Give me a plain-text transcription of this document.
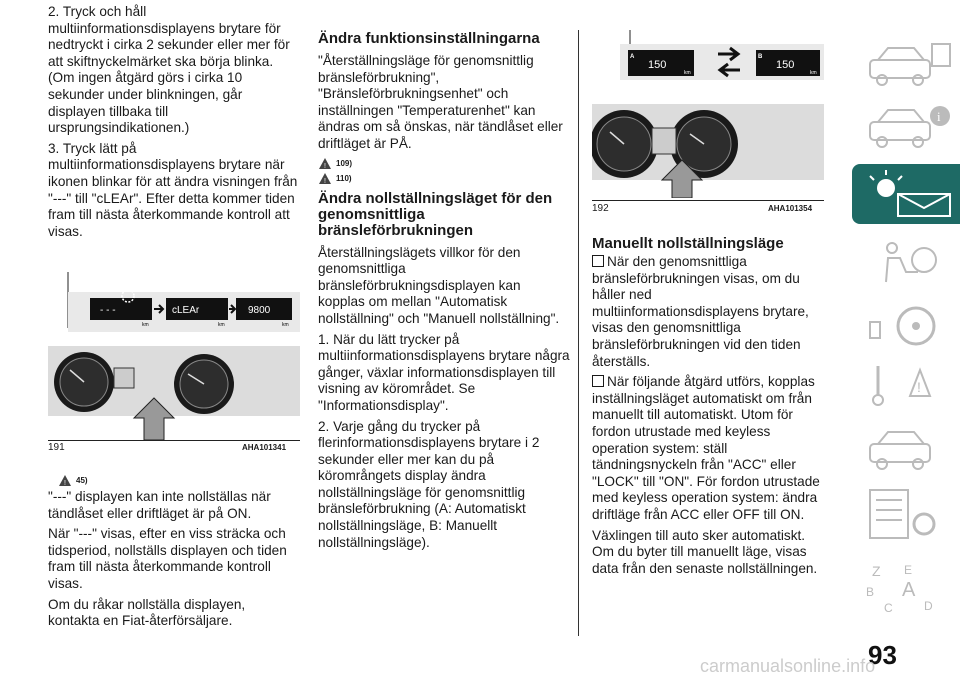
2. Tryck och håll multiinformationsdisplayens brytare för nedtryckt i cirka 2 sekunder eller mer för att skiftnyckelmärket ska börja blinka. (Om ingen åtgärd görs i cirka 10 sekunder under blinkningen, går displayen tillbaka till ursprungsindikationen.)

3. Tryck lätt på multiinformationsdisplayens brytare när ikonen blinkar för att ändra visningen från "---" till "cLEAr". Efter detta kommer tiden fram till nästa återkommande kontroll att visas.

- - -	cLEAr	9800
km	km	km
191	AHA101341
! 45)

"---" displayen kan inte nollställas när tändlåset eller driftläget är på ON.

När "---" visas, efter en viss sträcka och tidsperiod, nollställs displayen och tiden fram till nästa återkommande kontroll visas.

Om du råkar nollställa displayen, kontakta en Fiat-återförsäljare.

Ändra funktionsinställningarna

"Återställningsläge för genomsnittlig bränsleförbrukning", "Bränsleförbrukningsenhet" och inställningen "Temperaturenhet" kan ändras om så önskas, när tändlåset eller driftläget är PÅ.

! 109)
! 110)
Ändra nollställningsläget för den genomsnittliga bränsleförbrukningen

Återställningslägets villkor för den genomsnittliga bränsleförbrukningsdisplayen kan kopplas om mellan "Automatisk nollställning" och "Manuell nollställning".

1. När du lätt trycker på multiinformationsdisplayens brytare några gånger, växlar informationsdisplayen till visning av körområdet. Se "Informationsdisplay".

2. Varje gång du trycker på flerinformationsdisplayens brytare i 2 sekunder eller mer kan du på körområngets display ändra nollställningsläge för genomsnittlig bränsleförbrukning (A: Automatiskt nollställningsläge, B: Manuellt nollställningsläge).

A	B
150	150
km	km
192	AHA101354
Manuellt nollställningsläge

När den genomsnittliga bränsleförbrukningen visas, om du håller ned multiinformationsdisplayens brytare, visas den genomsnittliga bränsleförbrukningen vid den tiden återställs.

När följande åtgärd utförs, kopplas inställningsläget automatiskt om från manuellt till automatiskt. Utom för fordon utrustade med keyless operation system: ställ tändningsnyckeln från "ACC" eller "LOCK" till "ON". För fordon utrustade med keyless operation system: ändra driftläge från ACC eller OFF till ON.

Växlingen till auto sker automatiskt. Om du byter till manuellt läge, visas data från den senaste nollställningen.

i
!
Z E
B A
C	D
93
carmanualsonline.info
